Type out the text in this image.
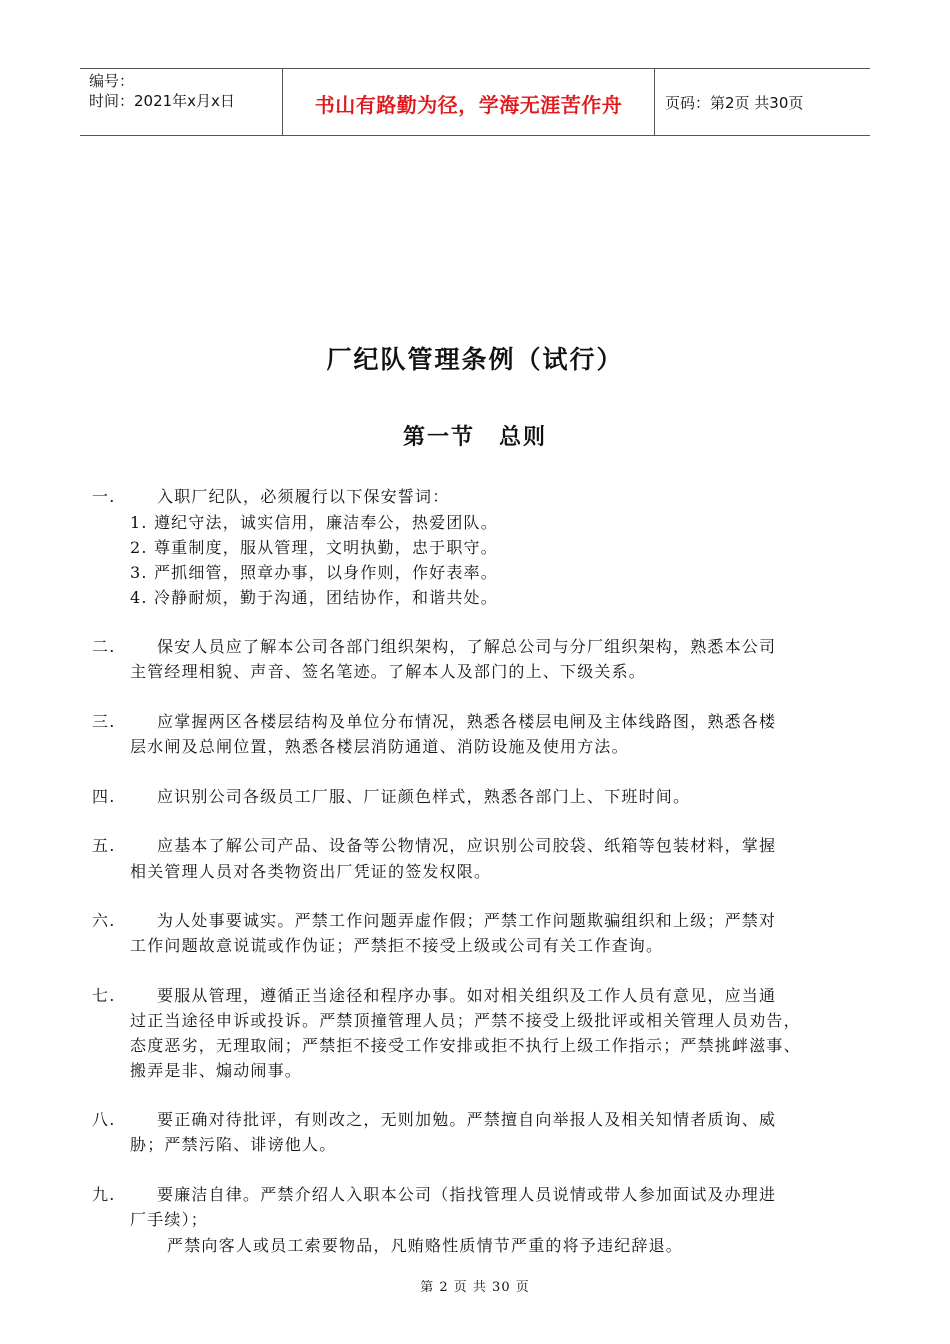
编号：
时间：2021年x月x日	书山有路勤为径，学海无涯苦作舟	页码：第2页 共30页
厂纪队管理条例（试行）
第一节 总则
一.	入职厂纪队，必须履行以下保安誓词：
1. 遵纪守法，诚实信用，廉洁奉公，热爱团队。
2. 尊重制度，服从管理，文明执勤，忠于职守。
3. 严抓细管，照章办事，以身作则，作好表率。
4. 冷静耐烦，勤于沟通，团结协作，和谐共处。
二.	保安人员应了解本公司各部门组织架构，了解总公司与分厂组织架构，熟悉本公司
主管经理相貌、声音、签名笔迹。了解本人及部门的上、下级关系。
三.	应掌握两区各楼层结构及单位分布情况，熟悉各楼层电闸及主体线路图，熟悉各楼
层水闸及总闸位置，熟悉各楼层消防通道、消防设施及使用方法。
四.	应识别公司各级员工厂服、厂证颜色样式，熟悉各部门上、下班时间。
五.	应基本了解公司产品、设备等公物情况，应识别公司胶袋、纸箱等包装材料，掌握
相关管理人员对各类物资出厂凭证的签发权限。
六.	为人处事要诚实。严禁工作问题弄虚作假；严禁工作问题欺骗组织和上级；严禁对
工作问题故意说谎或作伪证；严禁拒不接受上级或公司有关工作查询。
七.	要服从管理，遵循正当途径和程序办事。如对相关组织及工作人员有意见，应当通
过正当途径申诉或投诉。严禁顶撞管理人员；严禁不接受上级批评或相关管理人员劝告，
态度恶劣，无理取闹；严禁拒不接受工作安排或拒不执行上级工作指示；严禁挑衅滋事、
搬弄是非、煽动闹事。
八.	要正确对待批评，有则改之，无则加勉。严禁擅自向举报人及相关知情者质询、威
胁；严禁污陷、诽谤他人。
九.	要廉洁自律。严禁介绍人入职本公司（指找管理人员说情或带人参加面试及办理进
厂手续）；
严禁向客人或员工索要物品，凡贿赂性质情节严重的将予违纪辞退。
第 2 页 共 30 页
